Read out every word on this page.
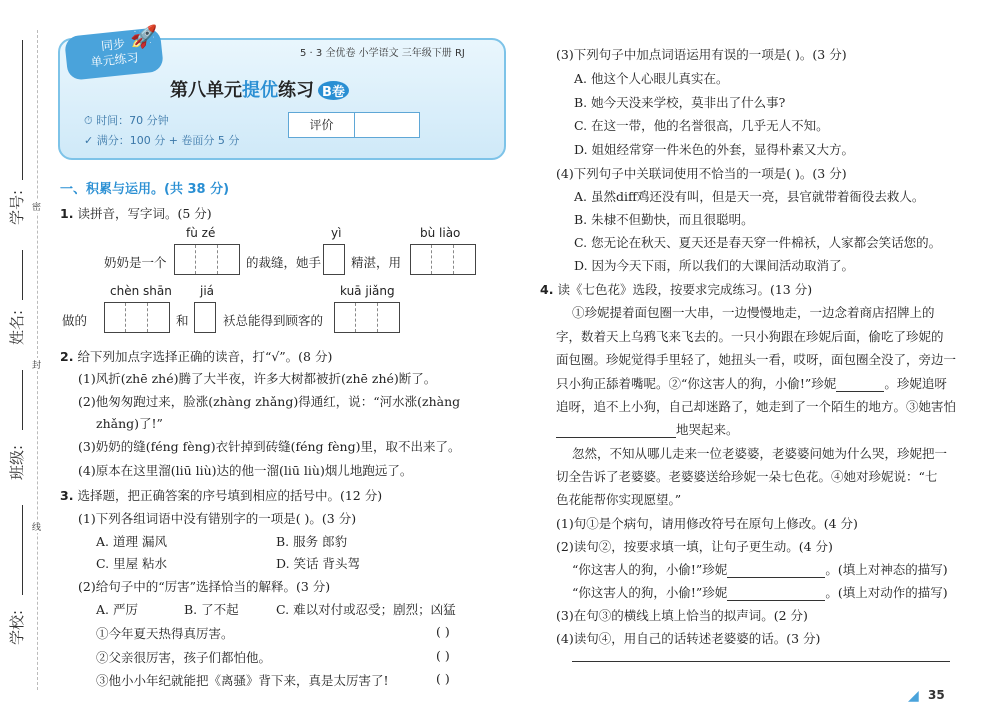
学号:
姓名:
班级:
学校:
密
封
线
同步
单元练习
🚀
5 · 3 全优卷 小学语文 三年级下册 RJ
第八单元提优练习 B卷
⏱ 时间：70 分钟
✓ 满分：100 分 + 卷面分 5 分
评价
一、积累与运用。(共 38 分)
1. 读拼音，写字词。(5 分)
fù zé	yì	bù liào
奶奶是一个	的裁缝，她手 精湛，用
chèn shān jiá	kuā jiǎng
做的	和	袄总能得到顾客的
2. 给下列加点字选择正确的读音，打“√”。(8 分)
(1)风折(zhē zhé)腾了大半夜，许多大树都被折(zhē zhé)断了。
(2)他匆匆跑过来，脸涨(zhàng zhǎng)得通红，说：“河水涨(zhàng
zhǎng)了!”
(3)奶奶的缝(féng fèng)衣针掉到砖缝(féng fèng)里，取不出来了。
(4)原本在这里溜(liū liù)达的他一溜(liū liù)烟儿地跑远了。
3. 选择题，把正确答案的序号填到相应的括号中。(12 分)
(1)下列各组词语中没有错别字的一项是( )。(3 分)
A. 道理 漏风	B. 服务 郎豹
C. 里屋 粘水	D. 笑话 背头驾
(2)给句子中的“厉害”选择恰当的解释。(3 分)
A. 严厉	B. 了不起	C. 难以对付或忍受；剧烈；凶猛
①今年夏天热得真厉害。	( )
②父亲很厉害，孩子们都怕他。	( )
③他小小年纪就能把《离骚》背下来，真是太厉害了!	( )
(3)下列句子中加点词语运用有误的一项是( )。(3 分)
A. 他这个人心眼儿真实在。
B. 她今天没来学校，莫非出了什么事?
C. 在这一带，他的名誉很高，几乎无人不知。
D. 姐姐经常穿一件米色的外套，显得朴素又大方。
(4)下列句子中关联词使用不恰当的一项是( )。(3 分)
A. 虽然diff鸡还没有叫，但是天一亮，县官就带着衙役去救人。
B. 朱棣不但勤快，而且很聪明。
C. 您无论在秋天、夏天还是春天穿一件棉袄，人家都会笑话您的。
D. 因为今天下雨，所以我们的大课间活动取消了。
4. 读《七色花》选段，按要求完成练习。(13 分)
①珍妮提着面包圈一大串，一边慢慢地走，一边念着商店招牌上的
字，数着天上乌鸦飞来飞去的。一只小狗跟在珍妮后面，偷吃了珍妮的
面包圈。珍妮觉得手里轻了，她扭头一看，哎呀，面包圈全没了，旁边一
只小狗正舔着嘴呢。②“你这害人的狗，小偷!”珍妮	。珍妮追呀
追呀，追不上小狗，自己却迷路了，她走到了一个陌生的地方。③她害怕
地哭起来。
忽然，不知从哪儿走来一位老婆婆，老婆婆问她为什么哭，珍妮把一
切全告诉了老婆婆。老婆婆送给珍妮一朵七色花。④她对珍妮说：“七
色花能帮你实现愿望。”
(1)句①是个病句，请用修改符号在原句上修改。(4 分)
(2)读句②，按要求填一填，让句子更生动。(4 分)
“你这害人的狗，小偷!”珍妮	。(填上对神态的描写)
“你这害人的狗，小偷!”珍妮	。(填上对动作的描写)
(3)在句③的横线上填上恰当的拟声词。(2 分)
(4)读句④，用自己的话转述老婆婆的话。(3 分)
◢ 35
